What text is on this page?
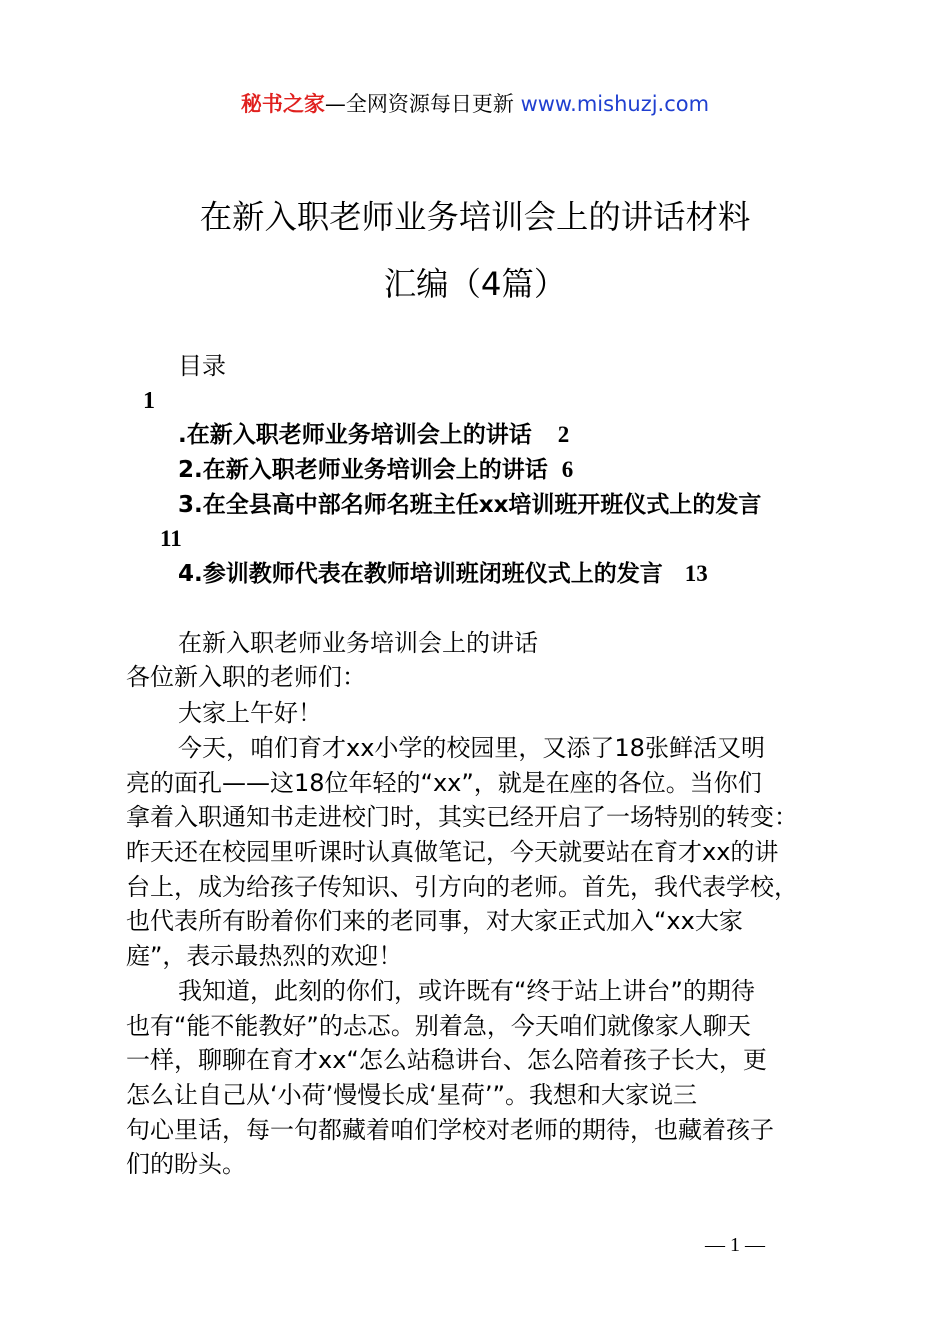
秘书之家—全网资源每日更新 www.mishuzj.com
在新入职老师业务培训会上的讲话材料
汇编（4篇）
目录
1
.在新入职老师业务培训会上的讲话 2
2.在新入职老师业务培训会上的讲话 6
3.在全县高中部名师名班主任xx培训班开班仪式上的发言
11
4.参训教师代表在教师培训班闭班仪式上的发言 13
在新入职老师业务培训会上的讲话
各位新入职的老师们：
大家上午好！
今天，咱们育才xx小学的校园里，又添了18张鲜活又明
亮的面孔——这18位年轻的“xx”，就是在座的各位。当你们
拿着入职通知书走进校门时，其实已经开启了一场特别的转变：
昨天还在校园里听课时认真做笔记，今天就要站在育才xx的讲
台上，成为给孩子传知识、引方向的老师。首先，我代表学校，
也代表所有盼着你们来的老同事，对大家正式加入“xx大家
庭”，表示最热烈的欢迎！
我知道，此刻的你们，或许既有“终于站上讲台”的期待
也有“能不能教好”的忐忑。别着急，今天咱们就像家人聊天
一样，聊聊在育才xx“怎么站稳讲台、怎么陪着孩子长大，更
怎么让自己从‘小荷’慢慢长成‘星荷’”。我想和大家说三
句心里话，每一句都藏着咱们学校对老师的期待，也藏着孩子
们的盼头。
— 1 —
